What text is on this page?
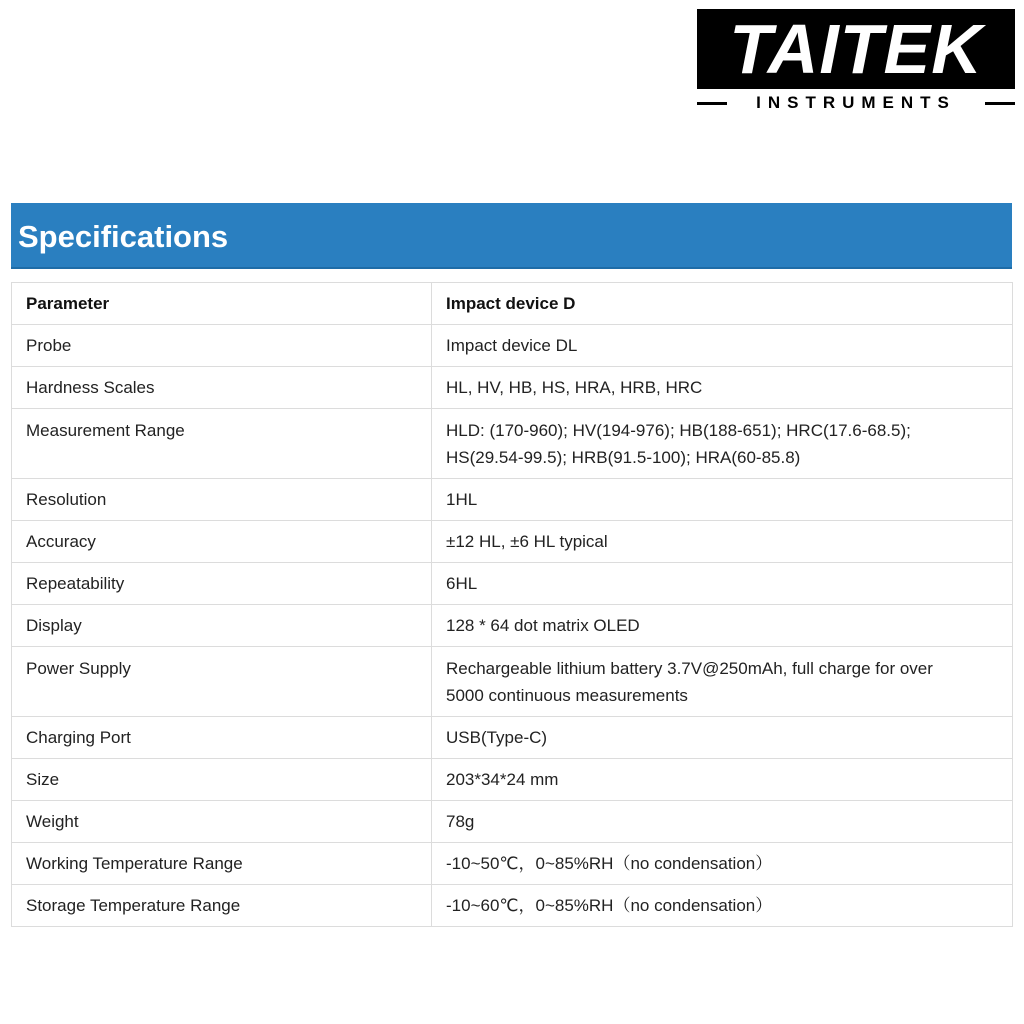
TAITEK
INSTRUMENTS
Specifications
Parameter	Impact device D
Probe	Impact device DL
Hardness Scales	HL, HV, HB, HS, HRA, HRB, HRC
Measurement Range	HLD: (170-960); HV(194-976); HB(188-651); HRC(17.6-68.5);
HS(29.54-99.5); HRB(91.5-100); HRA(60-85.8)

Resolution	1HL
Accuracy	±12 HL, ±6 HL typical
Repeatability	6HL
Display	128 * 64 dot matrix OLED
Power Supply	Rechargeable lithium battery 3.7V@250mAh, full charge for over
5000 continuous measurements

Charging Port	USB(Type-C)
Size	203*34*24 mm
Weight	78g
Working Temperature Range	-10~50℃，0~85%RH（no condensation）
Storage Temperature Range	-10~60℃，0~85%RH（no condensation）
